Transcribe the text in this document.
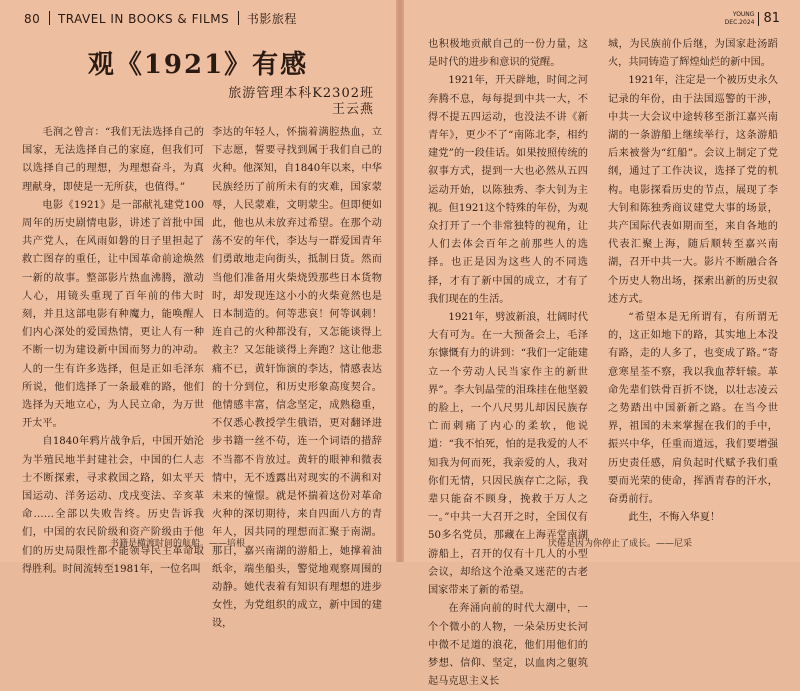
80 TRAVEL IN BOOKS & FILMS 书影旅程
观《1921》有感
旅游管理本科K2302班
王云燕

毛润之曾言：“我们无法选择自己的国家，无法选择自己的家庭，但我们可以选择自己的理想，为理想奋斗，为真理献身，即使是一无所获，也值得。”

电影《1921》是一部献礼建党100周年的历史剧情电影，讲述了首批中国共产党人，在风雨如磐的日子里担起了救亡图存的重任，让中国革命前途焕然一新的故事。整部影片热血沸腾，激动人心，用镜头重现了百年前的伟大时刻，并且这部电影有种魔力，能唤醒人们内心深处的爱国热情，更让人有一种不断一切为建设新中国而努力的冲动。人的一生有许多选择，但是正如毛泽东所说，他们选择了一条最难的路，他们选择为天地立心，为人民立命，为万世开太平。

自1840年鸦片战争后，中国开始沦为半殖民地半封建社会，中国的仁人志士不断探索，寻求救国之路，如太平天国运动、洋务运动、戊戌变法、辛亥革命……全部以失败告终。历史告诉我们，中国的农民阶级和资产阶级由于他们的历史局限性都不能领导民主革命取得胜利。时间流转至1981年，一位名叫

李达的年轻人，怀揣着满腔热血，立下志愿，誓要寻找到属于我们自己的火种。他深知，自1840年以来，中华民族经历了前所未有的灾难，国家蒙辱，人民蒙难，文明蒙尘。但即便如此，他也从未放弃过希望。在那个动荡不安的年代，李达与一群爱国青年们勇敢地走向街头，抵制日货。然而当他们准备用火柴烧毁那些日本货物时，却发现连这小小的火柴竟然也是日本制造的。何等悲哀！何等讽刺！连自己的火种都没有，又怎能谈得上救主？又怎能谈得上奔跑？这让他悲痛不已，黄轩饰演的李达，情感表达的十分到位，和历史形象高度契合。他情感丰富，信念坚定，成熟稳重，不仅悉心教授学生俄语，更对翻译进步书籍一丝不苟，连一个词语的措辞不当都不肯放过。黄轩的眼神和微表情中，无不透露出对现实的不满和对未来的憧憬。就是怀揣着这份对革命火种的深切期待，来自四面八方的青年人，因共同的理想而汇聚于南湖。那日，嘉兴南湖的游船上，她撑着油纸伞，端坐船头，警觉地观察周围的动静。她代表着有知识有理想的进步女性，为党组织的成立，新中国的建设，

书籍是横渡时间的航船。——培根
YOUNG
DEC.2024 81

也积极地贡献自己的一份力量，这是时代的进步和意识的觉醒。

1921年，开天辟地，时间之河奔腾不息，每每提到中共一大，不得不提五四运动，也没法不讲《新青年》，更少不了“南陈北李，相约建党”的一段佳话。如果按照传统的叙事方式，提到一大也必然从五四运动开始，以陈独秀、李大钊为主视。但1921这个特殊的年份，为观众打开了一个非常独特的视角，让人们去体会百年之前那些人的选择。也正是因为这些人的不同选择，才有了新中国的成立，才有了我们现在的生活。

1921年，劈波新浪，壮阔时代大有可为。在一大预备会上，毛泽东慷慨有力的讲到：“我们一定能建立一个劳动人民当家作主的新世界”。李大钊晶莹的泪珠挂在他坚毅的脸上，一个八尺男儿却因民族存亡而刺痛了内心的柔软，他说道：“我不怕死，怕的是我爱的人不知我为何而死，我亲爱的人，我对你们无情，只因民族存亡之际，我辈只能奋不顾身，挽救于万人之一。”中共一大召开之时，全国仅有50多名党员，那藏在上海弄堂南湖游船上，召开的仅有十几人的小型会议，却给这个沧桑又迷茫的古老国家带来了新的希望。

在奔涌向前的时代大潮中，一个个微小的人物，一朵朵历史长河中微不足道的浪花，他们用他们的梦想、信仰、坚定，以血肉之躯筑起马克思主义长

城，为民族前仆后继，为国家赴汤蹈火，共同铸造了辉煌灿烂的新中国。

1921年，注定是一个被历史永久记录的年份，由于法国巡警的干涉，中共一大会议中途转移至浙江嘉兴南湖的一条游船上继续举行，这条游船后来被誉为“红船”。会议上制定了党纲，通过了工作决议，选择了党的机构。电影探看历史的节点，展现了李大钊和陈独秀商议建党大事的场景，共产国际代表如期而至，来自各地的代表汇聚上海，随后顺转至嘉兴南湖，召开中共一大。影片不断融合各个历史人物出场，探索出新的历史叙述方式。

“希望本是无所谓有，有所谓无的，这正如地下的路，其实地上本没有路，走的人多了，也变成了路。”寄意寒星荃不察，我以我血荐轩辕。革命先辈们铁骨百折不饶，以壮志凌云之势踏出中国新新之路。在当今世界，祖国的未来掌握在我们的手中，振兴中华，任重而道远，我们要增强历史责任感，肩负起时代赋予我们重要而光荣的使命，挥洒青春的汗水，奋勇前行。

此生，不悔入华夏！

厌倦是因为你停止了成长。——尼采
